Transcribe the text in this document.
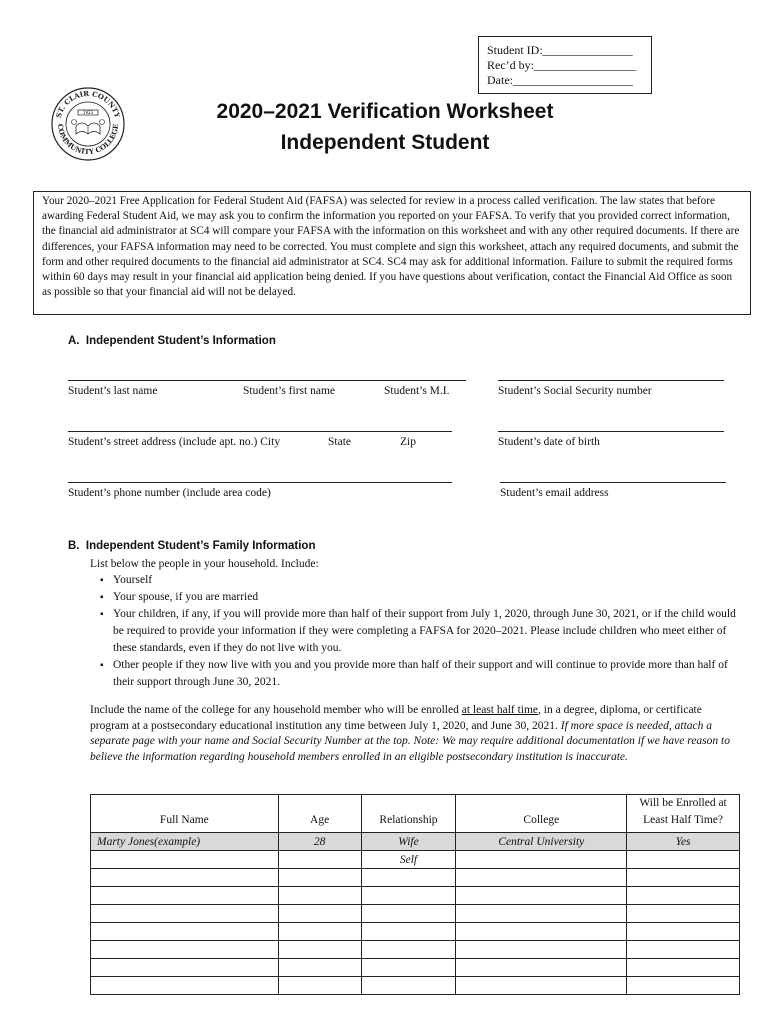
Student ID:_______________
Rec’d by:_________________
Date:____________________
ST. CLAIR COUNTY
COMMUNITY COLLEGE
1923	2020–2021 Verification Worksheet
Independent Student
Your 2020–2021 Free Application for Federal Student Aid (FAFSA) was selected for review in a process called verification. The law states that before awarding Federal Student Aid, we may ask you to confirm the information you reported on your FAFSA. To verify that you provided correct information, the financial aid administrator at SC4 will compare your FAFSA with the information on this worksheet and with any other required documents. If there are differences, your FAFSA information may need to be corrected. You must complete and sign this worksheet, attach any required documents, and submit the form and other required documents to the financial aid administrator at SC4. SC4 may ask for additional information. Failure to submit the required forms within 60 days may result in your financial aid application being denied. If you have questions about verification, contact the Financial Aid Office as soon as possible so that your financial aid will not be delayed.
A.  Independent Student’s Information
Student’s last name	Student’s first name	Student’s M.I.	Student’s Social Security number
Student’s street address (include apt. no.) City	State	Zip	Student’s date of birth
Student’s phone number (include area code)	Student’s email address
B.  Independent Student’s Family Information
List below the people in your household. Include:
▪ Yourself
▪ Your spouse, if you are married
▪ Your children, if any, if you will provide more than half of their support from July 1, 2020, through June 30, 2021, or if the child would be required to provide your information if they were completing a FAFSA for 2020–2021. Please include children who meet either of these standards, even if they do not live with you.
▪ Other people if they now live with you and you provide more than half of their support and will continue to provide more than half of their support through June 30, 2021.
Include the name of the college for any household member who will be enrolled at least half time, in a degree, diploma, or certificate program at a postsecondary educational institution any time between July 1, 2020, and June 30, 2021. If more space is needed, attach a separate page with your name and Social Security Number at the top. Note: We may require additional documentation if we have reason to believe the information regarding household members enrolled in an eligible postsecondary institution is inaccurate.
Full Name	Age	Relationship	College	Will be Enrolled at Least Half Time?
Marty Jones(example)	28	Wife	Central University	Yes
		Self		
